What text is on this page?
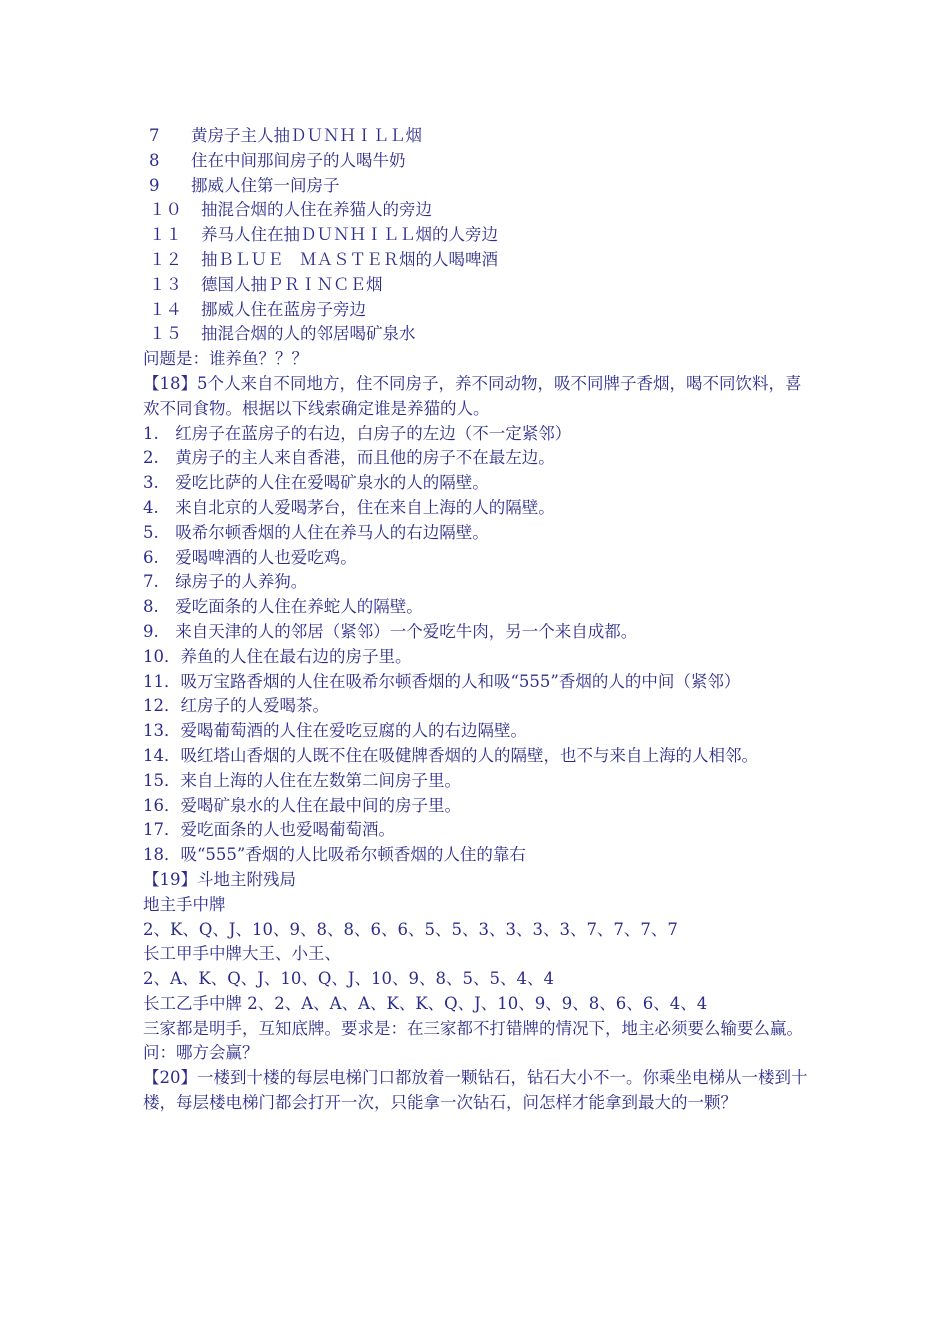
7 黄房子主人抽ＤＵＮＨＩＬＬ烟
8 住在中间那间房子的人喝牛奶
9 挪威人住第一间房子
１０ 抽混合烟的人住在养猫人的旁边
１１ 养马人住在抽ＤＵＮＨＩＬＬ烟的人旁边
１２ 抽ＢＬＵＥ　ＭＡＳＴＥＲ烟的人喝啤酒
１３ 德国人抽ＰＲＩＮＣＥ烟
１４ 挪威人住在蓝房子旁边
１５ 抽混合烟的人的邻居喝矿泉水
问题是：谁养鱼？？？
【18】5个人来自不同地方，住不同房子，养不同动物，吸不同牌子香烟，喝不同饮料，喜欢不同食物。根据以下线索确定谁是养猫的人。
1.　红房子在蓝房子的右边，白房子的左边（不一定紧邻）
2.　黄房子的主人来自香港，而且他的房子不在最左边。
3.　爱吃比萨的人住在爱喝矿泉水的人的隔壁。
4.　来自北京的人爱喝茅台，住在来自上海的人的隔壁。
5.　吸希尔顿香烟的人住在养马人的右边隔壁。
6.　爱喝啤酒的人也爱吃鸡。
7.　绿房子的人养狗。
8.　爱吃面条的人住在养蛇人的隔壁。
9.　来自天津的人的邻居（紧邻）一个爱吃牛肉，另一个来自成都。
10．养鱼的人住在最右边的房子里。
11．吸万宝路香烟的人住在吸希尔顿香烟的人和吸“555”香烟的人的中间（紧邻）
12．红房子的人爱喝茶。
13．爱喝葡萄酒的人住在爱吃豆腐的人的右边隔壁。
14．吸红塔山香烟的人既不住在吸健牌香烟的人的隔壁，也不与来自上海的人相邻。
15．来自上海的人住在左数第二间房子里。
16．爱喝矿泉水的人住在最中间的房子里。
17．爱吃面条的人也爱喝葡萄酒。
18．吸“555”香烟的人比吸希尔顿香烟的人住的靠右
【19】斗地主附残局
地主手中牌
2、K、Q、J、10、9、8、8、6、6、5、5、3、3、3、3、7、7、7、7
长工甲手中牌大王、小王、
2、A、K、Q、J、10、Q、J、10、9、8、5、5、4、4
长工乙手中牌 2、2、A、A、A、K、K、Q、J、10、9、9、8、6、6、4、4
三家都是明手，互知底牌。要求是：在三家都不打错牌的情况下，地主必须要么输要么赢。
问：哪方会赢？
【20】一楼到十楼的每层电梯门口都放着一颗钻石，钻石大小不一。你乘坐电梯从一楼到十楼，每层楼电梯门都会打开一次，只能拿一次钻石，问怎样才能拿到最大的一颗？
